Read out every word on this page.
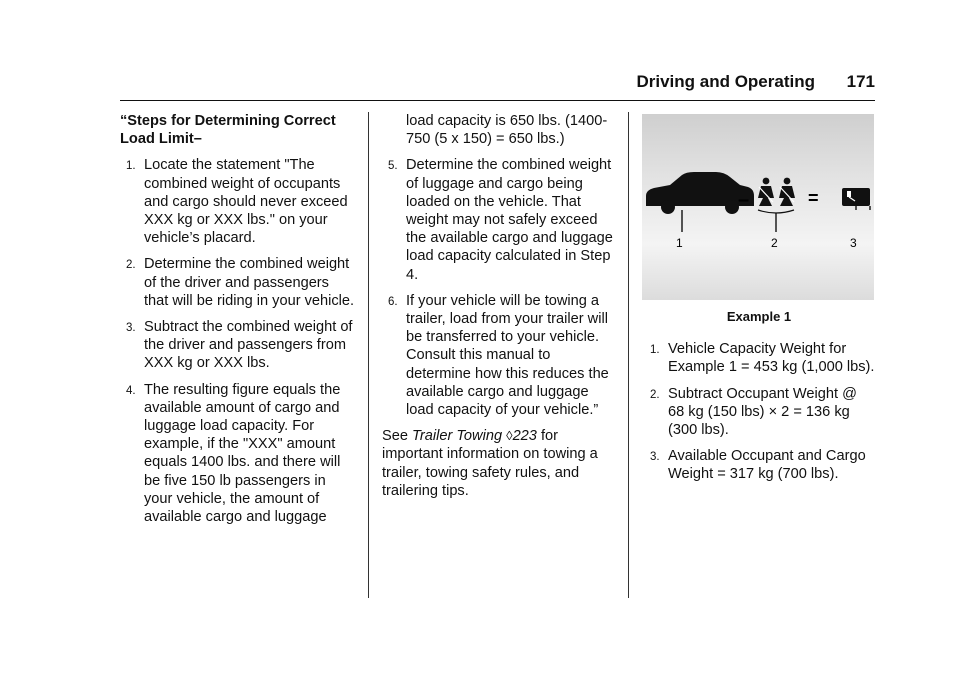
Driving and Operating 171
“Steps for Determining Correct Load Limit–
1. Locate the statement "The combined weight of occupants and cargo should never exceed XXX kg or XXX lbs." on your vehicle’s placard.
2. Determine the combined weight of the driver and passengers that will be riding in your vehicle.
3. Subtract the combined weight of the driver and passengers from XXX kg or XXX lbs.
4. The resulting figure equals the available amount of cargo and luggage load capacity. For example, if the "XXX" amount equals 1400 lbs. and there will be five 150 lb passengers in your vehicle, the amount of available cargo and luggage
load capacity is 650 lbs. (1400-750 (5 x 150) = 650 lbs.)
5. Determine the combined weight of luggage and cargo being loaded on the vehicle. That weight may not safely exceed the available cargo and luggage load capacity calculated in Step 4.
6. If your vehicle will be towing a trailer, load from your trailer will be transferred to your vehicle. Consult this manual to determine how this reduces the available cargo and luggage load capacity of your vehicle.”

See Trailer Towing ◊223 for important information on towing a trailer, towing safety rules, and trailering tips.

–	=
1	2	3
Example 1
1. Vehicle Capacity Weight for Example 1 = 453 kg (1,000 lbs).
2. Subtract Occupant Weight @ 68 kg (150 lbs) × 2 = 136 kg (300 lbs).
3. Available Occupant and Cargo Weight = 317 kg (700 lbs).
